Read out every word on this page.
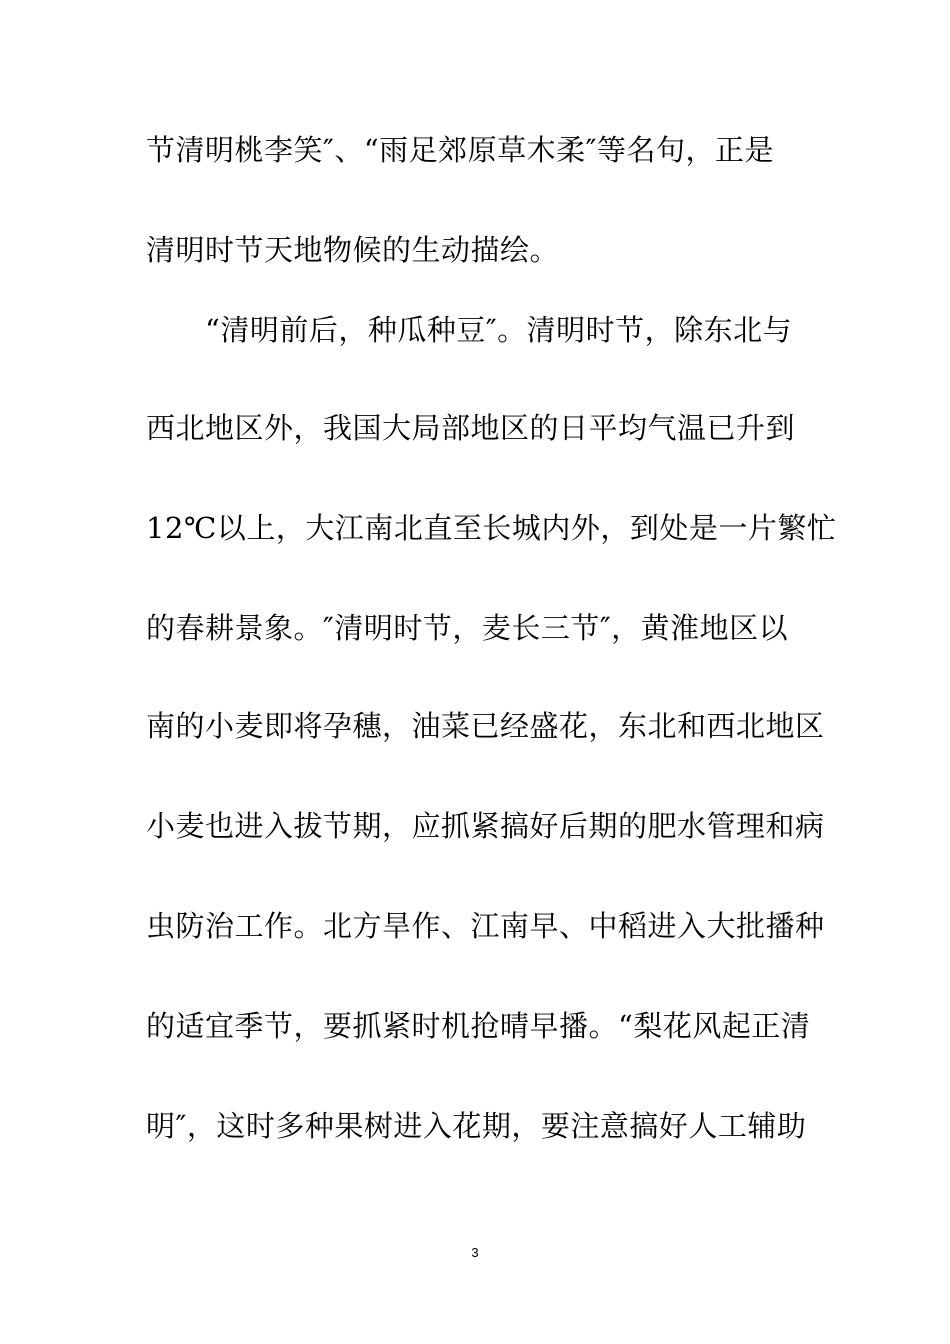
节清明桃李笑″、“雨足郊原草木柔″等名句，正是
清明时节天地物候的生动描绘。
　　“清明前后，种瓜种豆″。清明时节，除东北与
西北地区外，我国大局部地区的日平均气温已升到
12℃以上，大江南北直至长城内外，到处是一片繁忙
的春耕景象。″清明时节，麦长三节″，黄淮地区以
南的小麦即将孕穗，油菜已经盛花，东北和西北地区
小麦也进入拔节期，应抓紧搞好后期的肥水管理和病
虫防治工作。北方旱作、江南早、中稻进入大批播种
的适宜季节，要抓紧时机抢晴早播。“梨花风起正清
明″，这时多种果树进入花期，要注意搞好人工辅助
3
